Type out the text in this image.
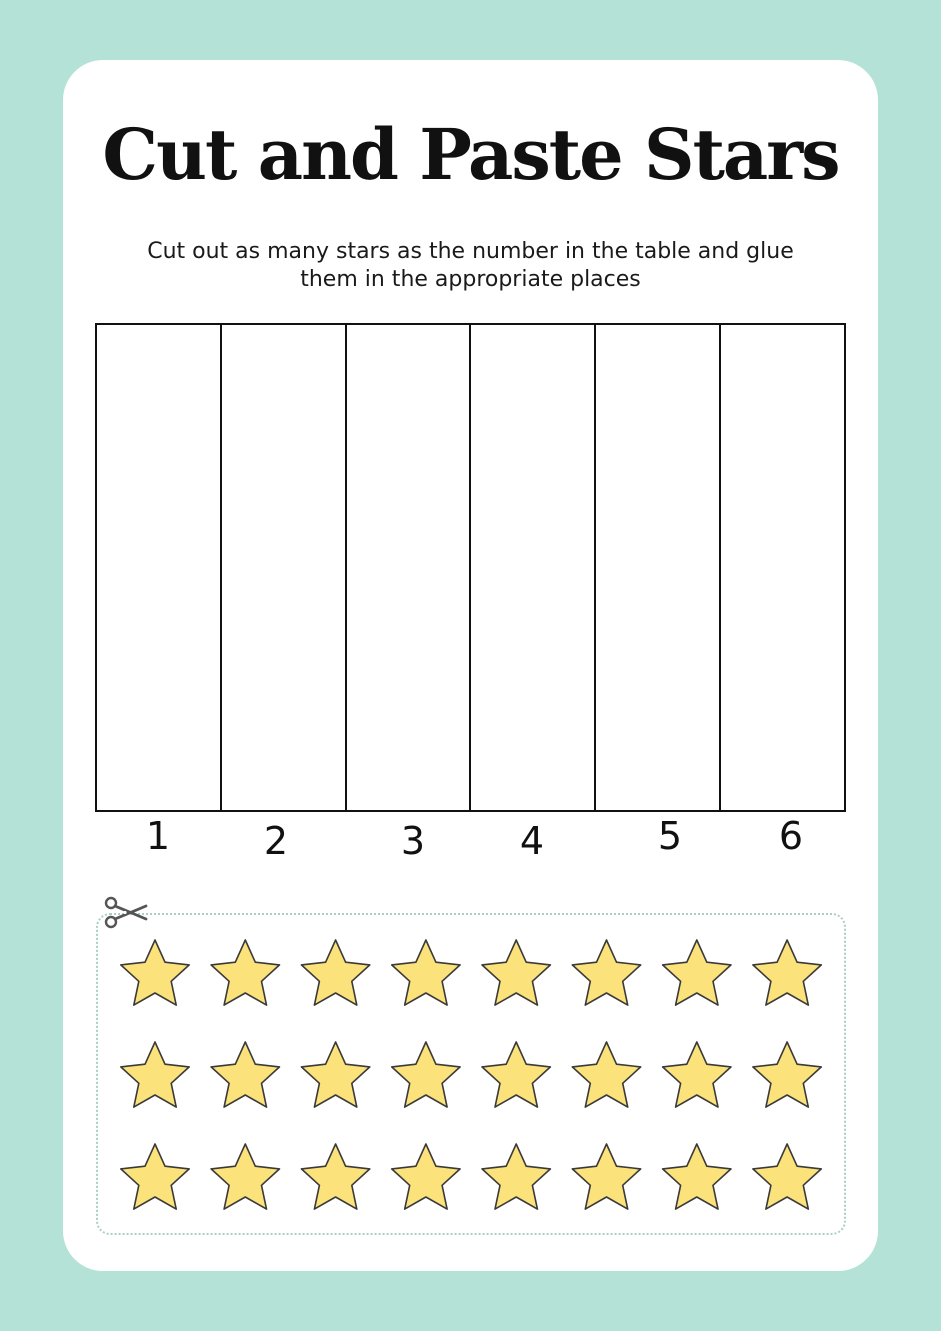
Cut and Paste Stars

Cut out as many stars as the number in the table and glue them in the appropriate places

1	2	3	4	5	6
